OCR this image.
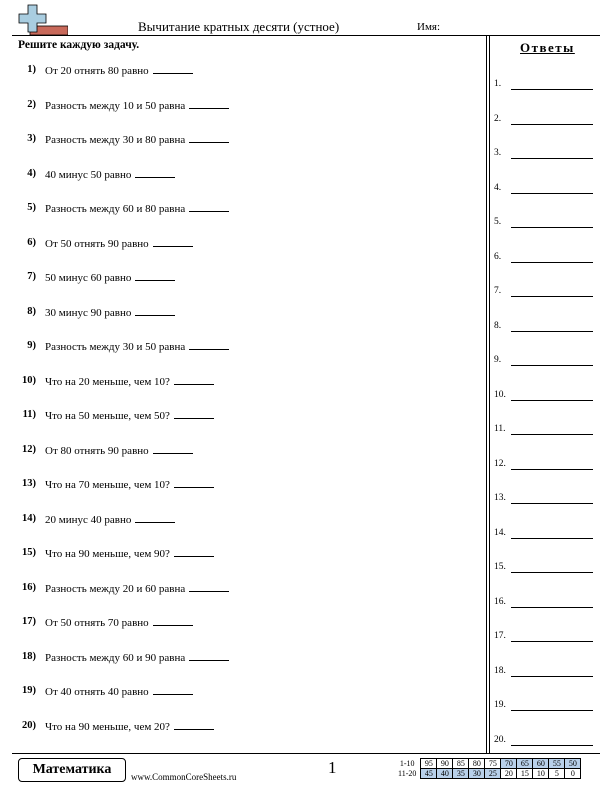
Вычитание кратных десяти (устное)	Имя:
Решите каждую задачу.
1) От 20 отнять 80 равно
2) Разность между 10 и 50 равна
3) Разность между 30 и 80 равна
4) 40 минус 50 равно
5) Разность между 60 и 80 равна
6) От 50 отнять 90 равно
7) 50 минус 60 равно
8) 30 минус 90 равно
9) Разность между 30 и 50 равна
10) Что на 20 меньше, чем 10?
11) Что на 50 меньше, чем 50?
12) От 80 отнять 90 равно
13) Что на 70 меньше, чем 10?
14) 20 минус 40 равно
15) Что на 90 меньше, чем 90?
16) Разность между 20 и 60 равна
17) От 50 отнять 70 равно
18) Разность между 60 и 90 равна
19) От 40 отнять 40 равно
20) Что на 90 меньше, чем 20?
Ответы
1.
2.
3.
4.
5.
6.
7.
8.
9.
10.
11.
12.
13.
14.
15.
16.
17.
18.
19.
20.
Математика	www.CommonCoreSheets.ru	1	1-10	95	90	85	80	75	70	65	60	55	50
11-20	45	40	35	30	25	20	15	10	5	0
